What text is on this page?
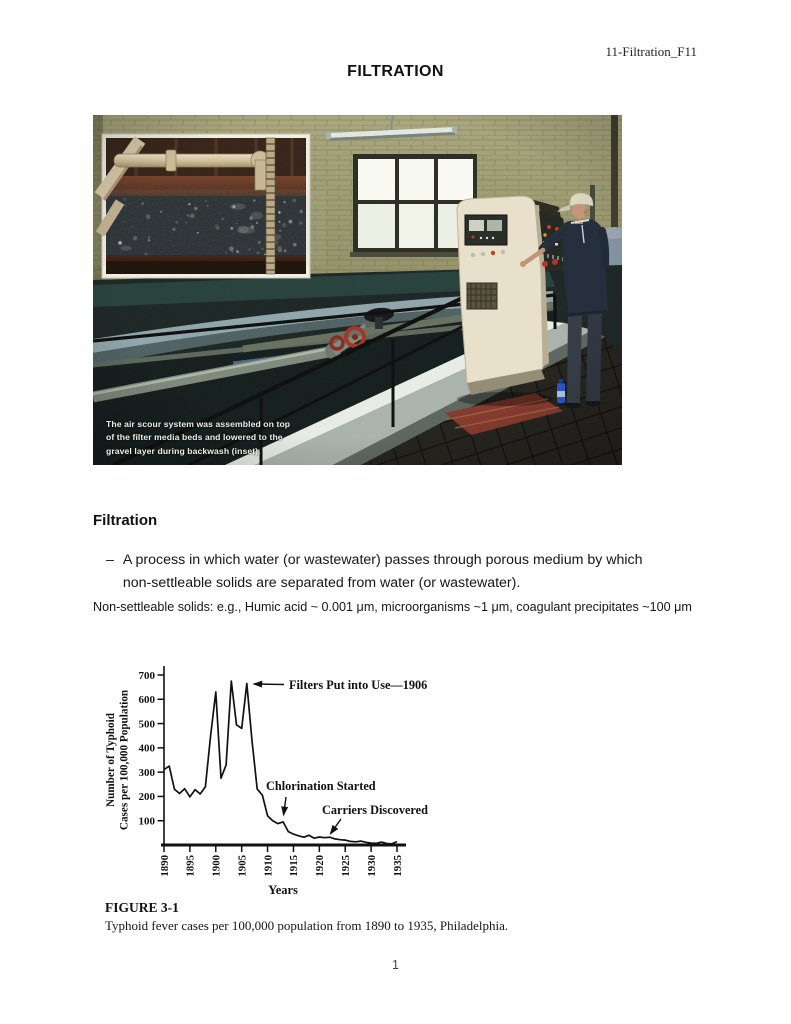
11-Filtration_F11
FILTRATION
The air scour system was assembled on top
of the filter media beds and lowered to the
gravel layer during backwash (inset).
Filtration
– A process in which water (or wastewater) passes through porous medium by which
non-settleable solids are separated from water (or wastewater).
Non-settleable solids: e.g., Humic acid ~ 0.001 μm, microorganisms ~1 μm, coagulant precipitates ~100 μm
100
200
300
400
500
600
700
1890 1895 1900 1905 1910 1915 1920 1925 1930 1935
Number of Typhoid Cases per 100,000 Population
Years
Filters Put into Use—1906
Chlorination Started
Carriers Discovered
FIGURE 3-1
Typhoid fever cases per 100,000 population from 1890 to 1935, Philadelphia.
1
